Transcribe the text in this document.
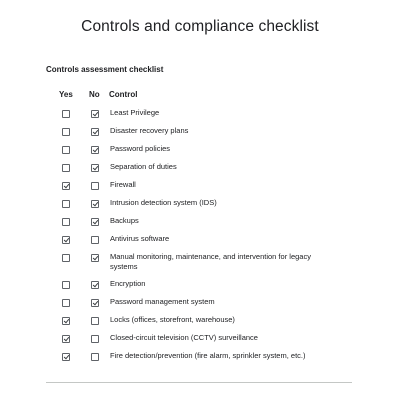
Controls and compliance checklist
Controls assessment checklist
Yes No Control
Least Privilege
Disaster recovery plans
Password policies
Separation of duties
Firewall
Intrusion detection system (IDS)
Backups
Antivirus software
Manual monitoring, maintenance, and intervention for legacy systems
Encryption
Password management system
Locks (offices, storefront, warehouse)
Closed-circuit television (CCTV) surveillance
Fire detection/prevention (fire alarm, sprinkler system, etc.)
